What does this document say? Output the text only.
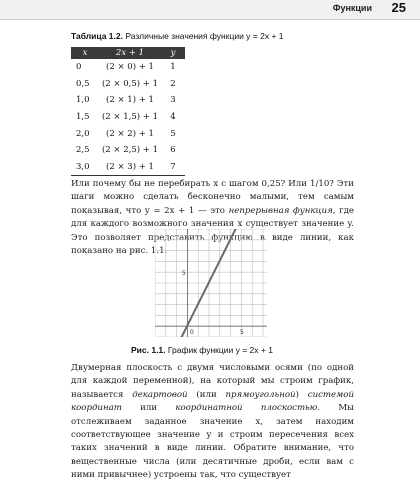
Функции 25
Таблица 1.2. Различные значения функции y = 2x + 1
x	2x + 1	y
0	(2 × 0) + 1	1
0,5	(2 × 0,5) + 1	2
1,0	(2 × 1) + 1	3
1,5	(2 × 1,5) + 1	4
2,0	(2 × 2) + 1	5
2,5	(2 × 2,5) + 1	6
3,0	(2 × 3) + 1	7
Или почему бы не перебирать x с шагом 0,25? Или 1/10? Эти шаги можно сделать бесконечно малыми, тем самым показывая, что y = 2x + 1 — это непрерывная функция, где для каждого возможного значения x существует значение y. Это позволяет представить функцию в виде линии, как показано на рис. 1.1.
0	5
5
Рис. 1.1. График функции y = 2x + 1
Двумерная плоскость с двумя числовыми осями (по одной для каждой переменной), на который мы строим график, называется декартовой (или прямоугольной) системой координат или координатной плоскостью. Мы отслеживаем заданное значение x, затем находим соответствующее значение y и строим пересечения всех таких значений в виде линии. Обратите внимание, что вещественные числа (или десятичные дроби, если вам с ними привычнее) устроены так, что существует
